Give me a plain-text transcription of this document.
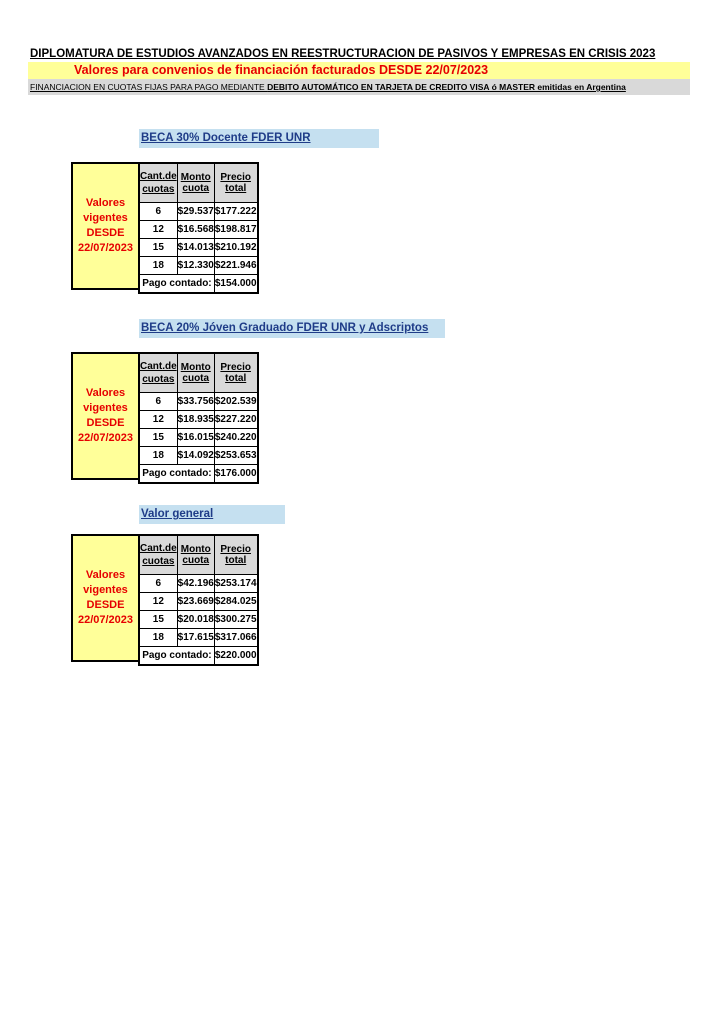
DIPLOMATURA DE ESTUDIOS AVANZADOS EN REESTRUCTURACION DE PASIVOS Y EMPRESAS EN CRISIS 2023
Valores para convenios de financiación facturados DESDE 22/07/2023
FINANCIACION EN CUOTAS FIJAS PARA PAGO MEDIANTE DEBITO AUTOMÁTICO EN TARJETA DE CREDITO VISA ó MASTER emitidas en Argentina
BECA 30% Docente FDER UNR
Valores
vigentes
DESDE
22/07/2023
Cant.de cuotas	Monto cuota	Precio total
6	$29.537	$177.222
12	$16.568	$198.817
15	$14.013	$210.192
18	$12.330	$221.946
Pago contado:		$154.000
BECA 20% Jóven Graduado FDER UNR y Adscriptos
Valores
vigentes
DESDE
22/07/2023
Cant.de cuotas	Monto cuota	Precio total
6	$33.756	$202.539
12	$18.935	$227.220
15	$16.015	$240.220
18	$14.092	$253.653
Pago contado:		$176.000
Valor general
Valores
vigentes
DESDE
22/07/2023
Cant.de cuotas	Monto cuota	Precio total
6	$42.196	$253.174
12	$23.669	$284.025
15	$20.018	$300.275
18	$17.615	$317.066
Pago contado:		$220.000
